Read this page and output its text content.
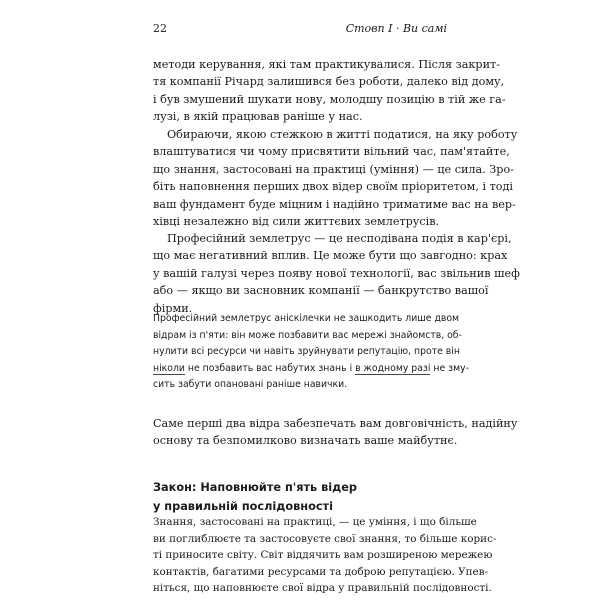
22	Стовп І · Ви самі
методи керування, які там практикувалися. Після закрит-
тя компанії Річард залишився без роботи, далеко від дому,
і був змушений шукати нову, молодшу позицію в тій же га-
лузі, в якій працював раніше у нас.
Обираючи, якою стежкою в житті податися, на яку роботу
влаштуватися чи чому присвятити вільний час, пам'ятайте,
що знання, застосовані на практиці (уміння) — це сила. Зро-
біть наповнення перших двох відер своїм пріоритетом, і тоді
ваш фундамент буде міцним і надійно триматиме вас на вер-
хівці незалежно від сили життєвих землетрусів.
Професійний землетрус — це несподівана подія в кар'єрі,
що має негативний вплив. Це може бути що завгодно: крах
у вашій галузі через появу нової технології, вас звільнив шеф
або — якщо ви засновник компанії — банкрутство вашої
фірми.
Професійний землетрус аніскілечки не зашкодить лише двом
відрам із п'яти: він може позбавити вас мережі знайомств, об-
нулити всі ресурси чи навіть зруйнувати репутацію, проте він
ніколи не позбавить вас набутих знань і в жодному разі не зму-
сить забути опановані раніше навички.
Саме перші два відра забезпечать вам довговічність, надійну
основу та безпомилково визначать ваше майбутнє.
Закон: Наповнюйте п'ять відер
у правильній послідовності
Знання, застосовані на практиці, — це уміння, і що більше
ви поглиблюєте та застосовуєте свої знання, то більше корис-
ті приносите світу. Світ віддячить вам розширеною мережею
контактів, багатими ресурсами та доброю репутацією. Упев-
ніться, що наповнюєте свої відра у правильній послідовності.
